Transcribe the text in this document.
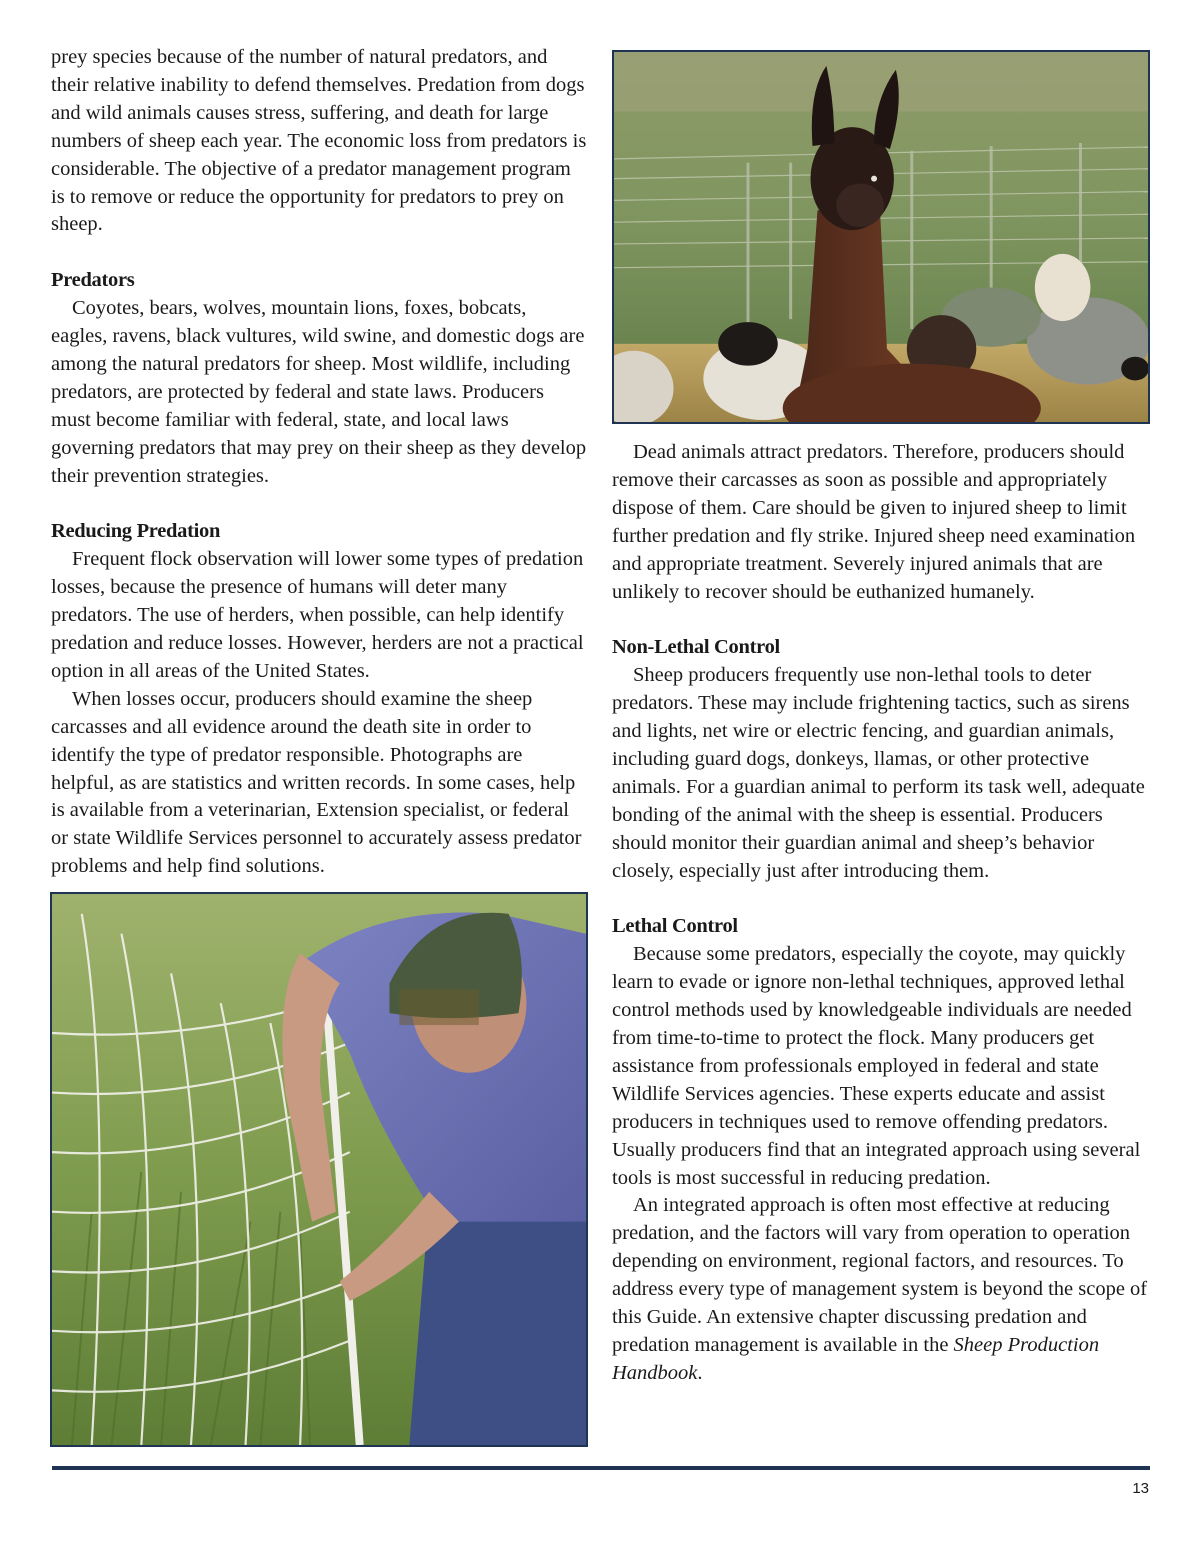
prey species because of the number of natural predators, and their relative inability to defend themselves. Predation from dogs and wild animals causes stress, suffering, and death for large numbers of sheep each year. The economic loss from predators is considerable. The objective of a predator management program is to remove or reduce the opportunity for predators to prey on sheep.

Predators

Coyotes, bears, wolves, mountain lions, foxes, bobcats, eagles, ravens, black vultures, wild swine, and domestic dogs are among the natural predators for sheep. Most wildlife, including predators, are protected by federal and state laws. Producers must become familiar with federal, state, and local laws governing predators that may prey on their sheep as they develop their prevention strategies.

Reducing Predation

Frequent flock observation will lower some types of predation losses, because the presence of humans will deter many predators. The use of herders, when possible, can help identify predation and reduce losses. However, herders are not a practical option in all areas of the United States.

When losses occur, producers should examine the sheep carcasses and all evidence around the death site in order to identify the type of predator responsible. Photographs are helpful, as are statistics and written records. In some cases, help is available from a veterinarian, Extension specialist, or federal or state Wildlife Services personnel to accurately assess predator problems and help find solutions.

Dead animals attract predators. Therefore, producers should remove their carcasses as soon as possible and appropriately dispose of them. Care should be given to injured sheep to limit further predation and fly strike. Injured sheep need examination and appropriate treatment. Severely injured animals that are unlikely to recover should be euthanized humanely.

Non-Lethal Control

Sheep producers frequently use non-lethal tools to deter predators. These may include frightening tactics, such as sirens and lights, net wire or electric fencing, and guardian animals, including guard dogs, donkeys, llamas, or other protective animals. For a guardian animal to perform its task well, adequate bonding of the animal with the sheep is essential. Producers should monitor their guardian animal and sheep’s behavior closely, especially just after introducing them.

Lethal Control

Because some predators, especially the coyote, may quickly learn to evade or ignore non-lethal techniques, approved lethal control methods used by knowledgeable individuals are needed from time-to-time to protect the flock. Many producers get assistance from professionals employed in federal and state Wildlife Services agencies. These experts educate and assist producers in techniques used to remove offending predators. Usually producers find that an integrated approach using several tools is most successful in reducing predation.

An integrated approach is often most effective at reducing predation, and the factors will vary from operation to operation depending on environment, regional factors, and resources. To address every type of management system is beyond the scope of this Guide. An extensive chapter discussing predation and predation management is available in the Sheep Production Handbook.

13
